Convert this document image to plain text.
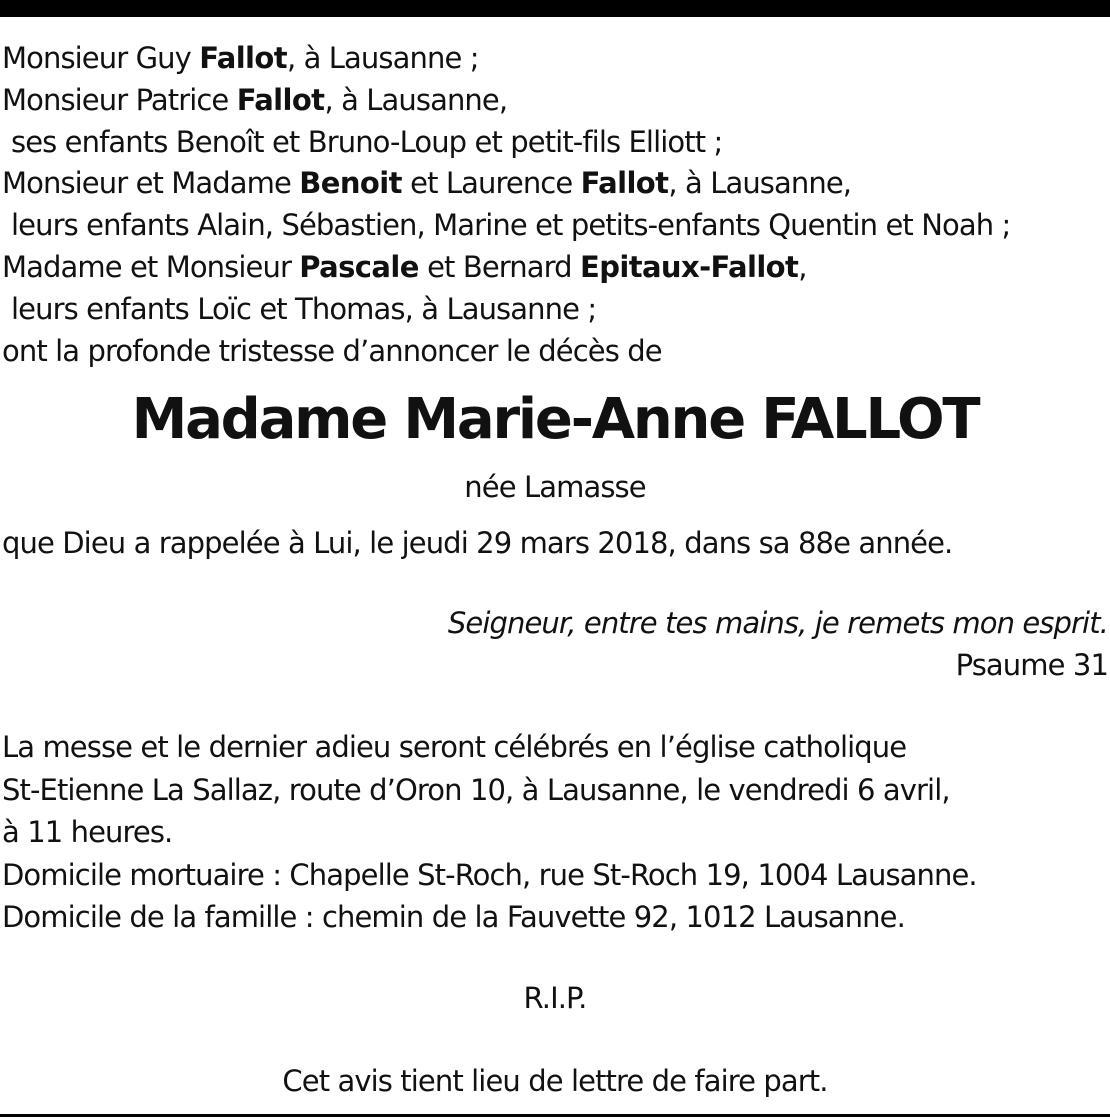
Monsieur Guy Fallot, à Lausanne ;
Monsieur Patrice Fallot, à Lausanne,
ses enfants Benoît et Bruno-Loup et petit-fils Elliott ;
Monsieur et Madame Benoit et Laurence Fallot, à Lausanne,
leurs enfants Alain, Sébastien, Marine et petits-enfants Quentin et Noah ;
Madame et Monsieur Pascale et Bernard Epitaux-Fallot,
leurs enfants Loïc et Thomas, à Lausanne ;
ont la profonde tristesse d’annoncer le décès de
Madame Marie-Anne FALLOT
née Lamasse
que Dieu a rappelée à Lui, le jeudi 29 mars 2018, dans sa 88e année.
Seigneur, entre tes mains, je remets mon esprit.
Psaume 31
La messe et le dernier adieu seront célébrés en l’église catholique
St-Etienne La Sallaz, route d’Oron 10, à Lausanne, le vendredi 6 avril,
à 11 heures.
Domicile mortuaire : Chapelle St-Roch, rue St-Roch 19, 1004 Lausanne.
Domicile de la famille : chemin de la Fauvette 92, 1012 Lausanne.
R.I.P.
Cet avis tient lieu de lettre de faire part.
